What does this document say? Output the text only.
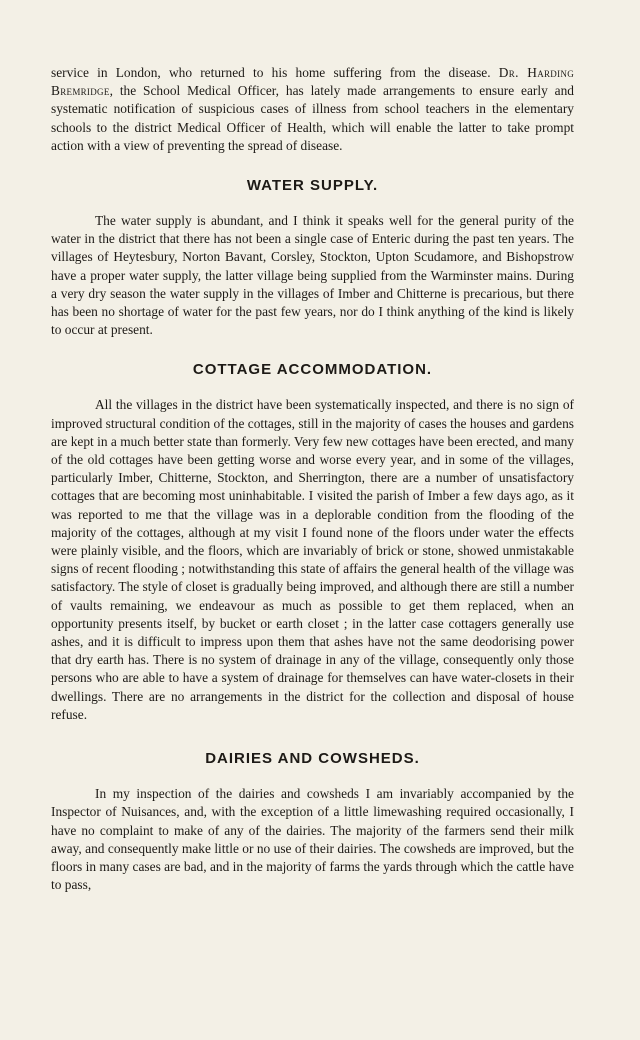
service in London, who returned to his home suffering from the disease. Dr. Harding Bremridge, the School Medical Officer, has lately made arrangements to ensure early and systematic notification of suspicious cases of illness from school teachers in the elementary schools to the district Medical Officer of Health, which will enable the latter to take prompt action with a view of preventing the spread of disease.

WATER SUPPLY.

The water supply is abundant, and I think it speaks well for the general purity of the water in the district that there has not been a single case of Enteric during the past ten years. The villages of Heytesbury, Norton Bavant, Corsley, Stockton, Upton Scudamore, and Bishopstrow have a proper water supply, the latter village being supplied from the Warminster mains. During a very dry season the water supply in the villages of Imber and Chitterne is precarious, but there has been no shortage of water for the past few years, nor do I think anything of the kind is likely to occur at present.

COTTAGE ACCOMMODATION.

All the villages in the district have been systematically inspected, and there is no sign of improved structural condition of the cottages, still in the majority of cases the houses and gardens are kept in a much better state than formerly. Very few new cottages have been erected, and many of the old cottages have been getting worse and worse every year, and in some of the villages, particularly Imber, Chitterne, Stockton, and Sherrington, there are a number of unsatisfactory cottages that are becoming most uninhabitable. I visited the parish of Imber a few days ago, as it was reported to me that the village was in a deplorable condition from the flooding of the majority of the cottages, although at my visit I found none of the floors under water the effects were plainly visible, and the floors, which are invariably of brick or stone, showed unmistakable signs of recent flooding ; notwithstanding this state of affairs the general health of the village was satisfactory. The style of closet is gradually being improved, and although there are still a number of vaults remaining, we endeavour as much as possible to get them replaced, when an opportunity presents itself, by bucket or earth closet ; in the latter case cottagers generally use ashes, and it is difficult to impress upon them that ashes have not the same deodorising power that dry earth has. There is no system of drainage in any of the village, consequently only those persons who are able to have a system of drainage for themselves can have water-closets in their dwellings. There are no arrangements in the district for the collection and disposal of house refuse.

DAIRIES AND COWSHEDS.

In my inspection of the dairies and cowsheds I am invariably accompanied by the Inspector of Nuisances, and, with the exception of a little limewashing required occasionally, I have no complaint to make of any of the dairies. The majority of the farmers send their milk away, and consequently make little or no use of their dairies. The cowsheds are improved, but the floors in many cases are bad, and in the majority of farms the yards through which the cattle have to pass,
